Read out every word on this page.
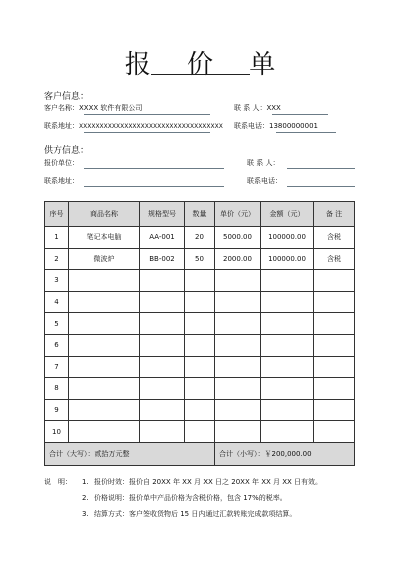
报 价 单
客户信息：
客户名称：XXXX 软件有限公司	联 系 人：XXX
联系地址：XXXXXXXXXXXXXXXXXXXXXXXXXXXXXXXXXXX 联系电话：13800000001
供方信息：
报价单位：	联 系 人：
联系地址：	联系电话：
序号	商品名称	规格型号	数量	单价（元）	金额（元）	备 注
1	笔记本电脑	AA-001	20	5000.00	100000.00	含税
2	微波炉	BB-002	50	2000.00	100000.00	含税
3						
4						
5						
6						
7						
8						
9						
10						
合计（大写）：贰拾万元整				合计（小写）：￥200,000.00		
说　明： 1. 报价时效：报价自 20XX 年 XX 月 XX 日之 20XX 年 XX 月 XX 日有效。
2. 价格说明：报价单中产品价格为含税价格，包含 17%的税率。
3. 结算方式：客户签收货物后 15 日内通过汇款转账完成款项结算。
